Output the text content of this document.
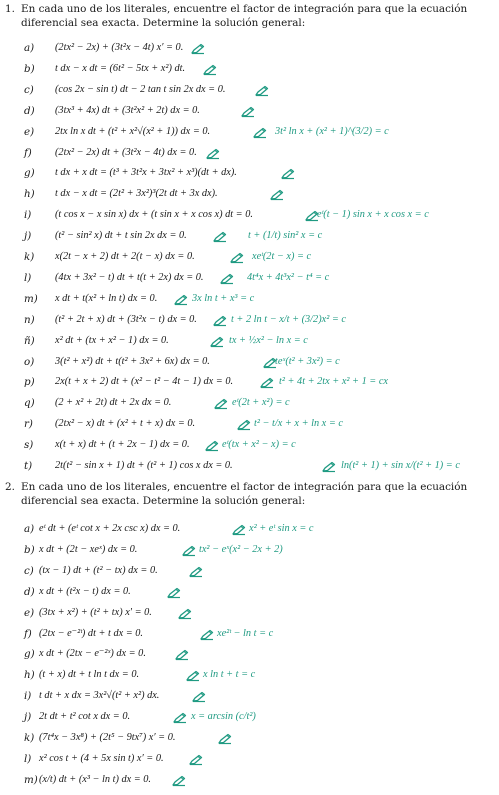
1. En cada uno de los literales, encuentre el factor de integración para que la ecuación diferencial sea exacta. Determine la solución general:
a) (2tx² − 2x) + (3t²x − 4t) x′ = 0.
b) t dx − x dt = (6t² − 5tx + x²) dt.
c) (cos 2x − sin t) dt − 2 tan t sin 2x dx = 0.
d) (3tx³ + 4x) dt + (3t²x² + 2t) dx = 0.
e) 2tx ln x dt + (t² + x²√(x² + 1)) dx = 0.	3t² ln x + (x² + 1)^(3/2) = c
f) (2tx² − 2x) dt + (3t²x − 4t) dx = 0.
g) t dx + x dt = (t³ + 3t²x + 3tx² + x³)(dt + dx).
h) t dx − x dt = (2t² + 3x²)³(2t dt + 3x dx).
i) (t cos x − x sin x) dx + (t sin x + x cos x) dt = 0.	eᵗ(t − 1) sin x + x cos x = c
j) (t² − sin² x) dt + t sin 2x dx = 0.	t + (1/t) sin² x = c
k) x(2t − x + 2) dt + 2(t − x) dx = 0.	xeᵗ(2t − x) = c
l) (4tx + 3x² − t) dt + t(t + 2x) dx = 0.	4t⁴x + 4t³x² − t⁴ = c
m) x dt + t(x² + ln t) dx = 0.	3x ln t + x³ = c
n) (t² + 2t + x) dt + (3t²x − t) dx = 0.	t + 2 ln t − x/t + (3/2)x² = c
ñ) x² dt + (tx + x² − 1) dx = 0.	tx + ½x² − ln x = c
o) 3(t² + x²) dt + t(t² + 3x² + 6x) dx = 0.	teˣ(t² + 3x²) = c
p) 2x(t + x + 2) dt + (x² − t² − 4t − 1) dx = 0.	t² + 4t + 2tx + x² + 1 = cx
q) (2 + x² + 2t) dt + 2x dx = 0.	eᵗ(2t + x²) = c
r) (2tx² − x) dt + (x² + t + x) dx = 0.	t² − t/x + x + ln x = c
s) x(t + x) dt + (t + 2x − 1) dx = 0.	eᵗ(tx + x² − x) = c
t) 2t(t² − sin x + 1) dt + (t² + 1) cos x dx = 0.	ln(t² + 1) + sin x/(t² + 1) = c
2. En cada uno de los literales, encuentre el factor de integración para que la ecuación diferencial sea exacta. Determine la solución general:
a) eᵗ dt + (eᵗ cot x + 2x csc x) dx = 0.	x² + eᵗ sin x = c
b) x dt + (2t − xeˣ) dx = 0.	tx² − eˣ(x² − 2x + 2)
c) (tx − 1) dt + (t² − tx) dx = 0.
d) x dt + (t²x − t) dx = 0.
e) (3tx + x²) + (t² + tx) x′ = 0.
f) (2tx − e⁻²ᵗ) dt + t dx = 0.	xe²ᵗ − ln t = c
g) x dt + (2tx − e⁻²ˣ) dx = 0.
h) (t + x) dt + t ln t dx = 0.	x ln t + t = c
i) t dt + x dx = 3x²√(t² + x²) dx.
j) 2t dt + t² cot x dx = 0.	x = arcsin (c/t²)
k) (7t⁴x − 3x⁸) + (2t⁵ − 9tx⁷) x′ = 0.
l) x² cos t + (4 + 5x sin t) x′ = 0.
m) (x/t) dt + (x³ − ln t) dx = 0.
